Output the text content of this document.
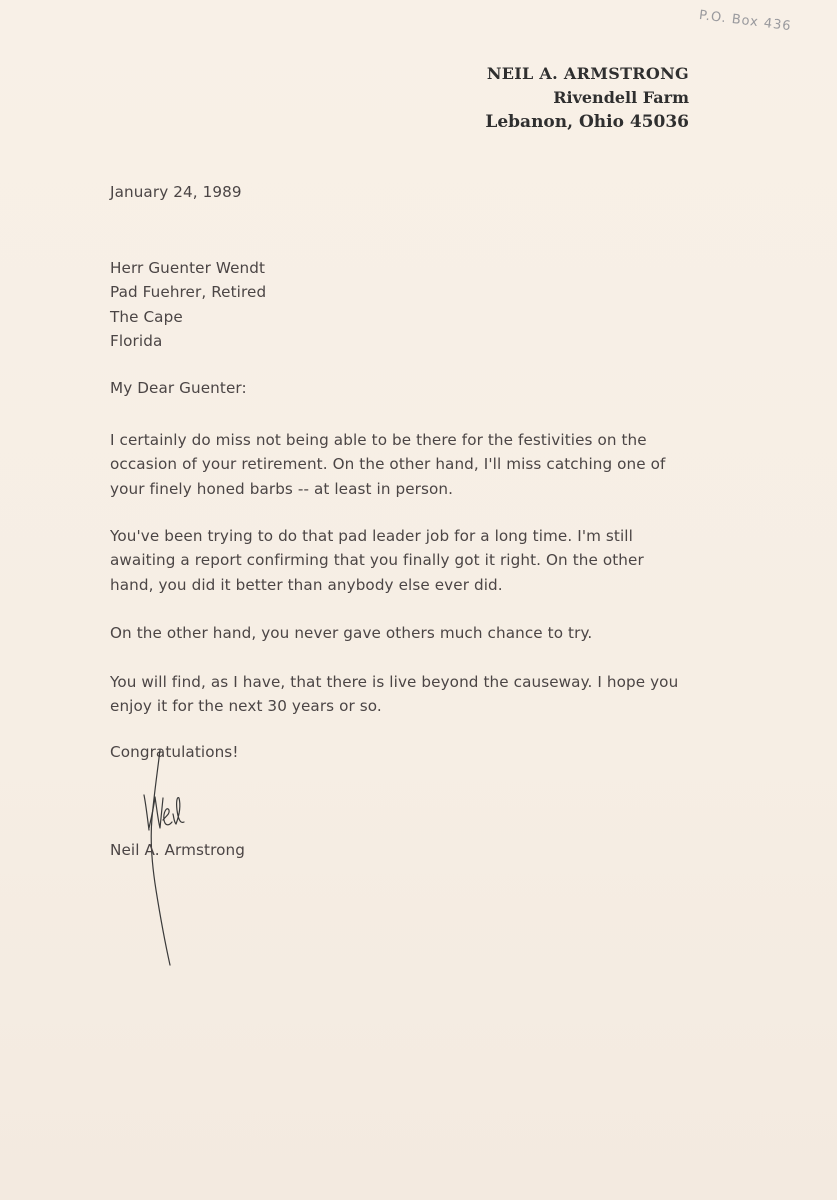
P.O. Box 436
NEIL A. ARMSTRONG
Rivendell Farm
Lebanon, Ohio 45036
January 24, 1989
Herr Guenter Wendt
Pad Fuehrer, Retired
The Cape
Florida
My Dear Guenter:
I certainly do miss not being able to be there for the festivities on the
occasion of your retirement. On the other hand, I'll miss catching one of
your finely honed barbs -- at least in person.
You've been trying to do that pad leader job for a long time. I'm still
awaiting a report confirming that you finally got it right. On the other
hand, you did it better than anybody else ever did.
On the other hand, you never gave others much chance to try.
You will find, as I have, that there is live beyond the causeway. I hope you
enjoy it for the next 30 years or so.
Congratulations!
Neil A. Armstrong
